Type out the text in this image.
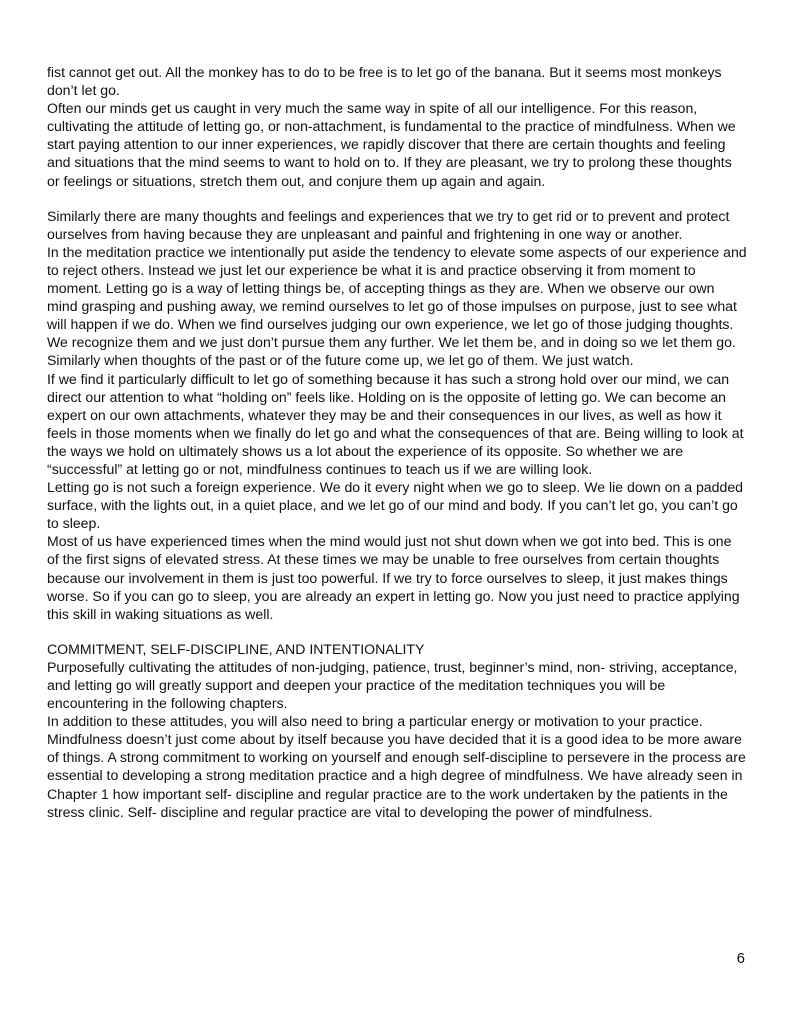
fist cannot get out. All the monkey has to do to be free is to let go of the banana. But it seems most monkeys don’t let go.

Often our minds get us caught in very much the same way in spite of all our intelligence. For this reason, cultivating the attitude of letting go, or non-attachment, is fundamental to the practice of mindfulness. When we start paying attention to our inner experiences, we rapidly discover that there are certain thoughts and feeling and situations that the mind seems to want to hold on to. If they are pleasant, we try to prolong these thoughts or feelings or situations, stretch them out, and conjure them up again and again.

Similarly there are many thoughts and feelings and experiences that we try to get rid or to prevent and protect ourselves from having because they are unpleasant and painful and frightening in one way or another.

In the meditation practice we intentionally put aside the tendency to elevate some aspects of our experience and to reject others. Instead we just let our experience be what it is and practice observing it from moment to moment. Letting go is a way of letting things be, of accepting things as they are. When we observe our own mind grasping and pushing away, we remind ourselves to let go of those impulses on purpose, just to see what will happen if we do. When we find ourselves judging our own experience, we let go of those judging thoughts. We recognize them and we just don’t pursue them any further. We let them be, and in doing so we let them go. Similarly when thoughts of the past or of the future come up, we let go of them. We just watch.

If we find it particularly difficult to let go of something because it has such a strong hold over our mind, we can direct our attention to what “holding on” feels like. Holding on is the opposite of letting go. We can become an expert on our own attachments, whatever they may be and their consequences in our lives, as well as how it feels in those moments when we finally do let go and what the consequences of that are. Being willing to look at the ways we hold on ultimately shows us a lot about the experience of its opposite. So whether we are “successful” at letting go or not, mindfulness continues to teach us if we are willing look.

Letting go is not such a foreign experience. We do it every night when we go to sleep. We lie down on a padded surface, with the lights out, in a quiet place, and we let go of our mind and body. If you can’t let go, you can’t go to sleep.

Most of us have experienced times when the mind would just not shut down when we got into bed. This is one of the first signs of elevated stress. At these times we may be unable to free ourselves from certain thoughts because our involvement in them is just too powerful. If we try to force ourselves to sleep, it just makes things worse. So if you can go to sleep, you are already an expert in letting go. Now you just need to practice applying this skill in waking situations as well.

COMMITMENT, SELF-DISCIPLINE, AND INTENTIONALITY

Purposefully cultivating the attitudes of non-judging, patience, trust, beginner’s mind, non- striving, acceptance, and letting go will greatly support and deepen your practice of the meditation techniques you will be encountering in the following chapters.

In addition to these attitudes, you will also need to bring a particular energy or motivation to your practice. Mindfulness doesn’t just come about by itself because you have decided that it is a good idea to be more aware of things. A strong commitment to working on yourself and enough self-discipline to persevere in the process are essential to developing a strong meditation practice and a high degree of mindfulness. We have already seen in Chapter 1 how important self- discipline and regular practice are to the work undertaken by the patients in the stress clinic. Self- discipline and regular practice are vital to developing the power of mindfulness.

6
